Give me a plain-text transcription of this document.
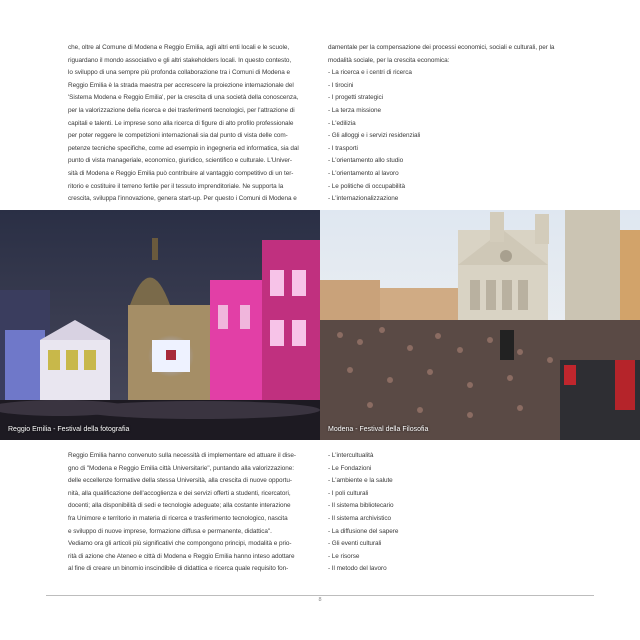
che, oltre al Comune di Modena e Reggio Emilia, agli altri enti locali e le scuole,
riguardano il mondo associativo e gli altri stakeholders locali. In questo contesto,
lo sviluppo di una sempre più profonda collaborazione tra i Comuni di Modena e
Reggio Emilia è la strada maestra per accrescere la proiezione internazionale del
'Sistema Modena e Reggio Emilia', per la crescita di una società della conoscenza,
per la valorizzazione della ricerca e dei trasferimenti tecnologici, per l'attrazione di
capitali e talenti. Le imprese sono alla ricerca di figure di alto profilo professionale
per poter reggere le competizioni internazionali sia dal punto di vista delle com-
petenze tecniche specifiche, come ad esempio in ingegneria ed informatica, sia dal
punto di vista manageriale, economico, giuridico, scientifico e culturale. L'Univer-
sità di Modena e Reggio Emilia può contribuire al vantaggio competitivo di un ter-
ritorio e costituire il terreno fertile per il tessuto imprenditoriale. Ne supporta la
crescita, sviluppa l'innovazione, genera start-up. Per questo i Comuni di Modena e
damentale per la compensazione dei processi economici, sociali e culturali, per la
modalità sociale, per la crescita economica:
- La ricerca e i centri di ricerca
- I tirocini
- I progetti strategici
- La terza missione
- L'edilizia
- Gli alloggi e i servizi residenziali
- I trasporti
- L'orientamento allo studio
- L'orientamento al lavoro
- Le politiche di occupabilità
- L'internazionalizzazione
Reggio Emilia - Festival della fotografia	Modena - Festival della Filosofia
Reggio Emilia hanno convenuto sulla necessità di implementare ed attuare il dise-
gno di "Modena e Reggio Emilia città Universitarie", puntando alla valorizzazione:
delle eccellenze formative della stessa Università, alla crescita di nuove opportu-
nità, alla qualificazione dell'accoglienza e dei servizi offerti a studenti, ricercatori,
docenti; alla disponibilità di sedi e tecnologie adeguate; alla costante interazione
fra Unimore e territorio in materia di ricerca e trasferimento tecnologico, nascita
e sviluppo di nuove imprese, formazione diffusa e permanente, didattica".
Vediamo ora gli articoli più significativi che compongono principi, modalità e prio-
rità di azione che Ateneo e città di Modena e Reggio Emilia hanno inteso adottare
al fine di creare un binomio inscindibile di didattica e ricerca quale requisito fon-
- L'intercultualità
- Le Fondazioni
- L'ambiente e la salute
- I poli culturali
- Il sistema bibliotecario
- Il sistema archivistico
- La diffusione del sapere
- Gli eventi culturali
- Le risorse
- Il metodo del lavoro
8
